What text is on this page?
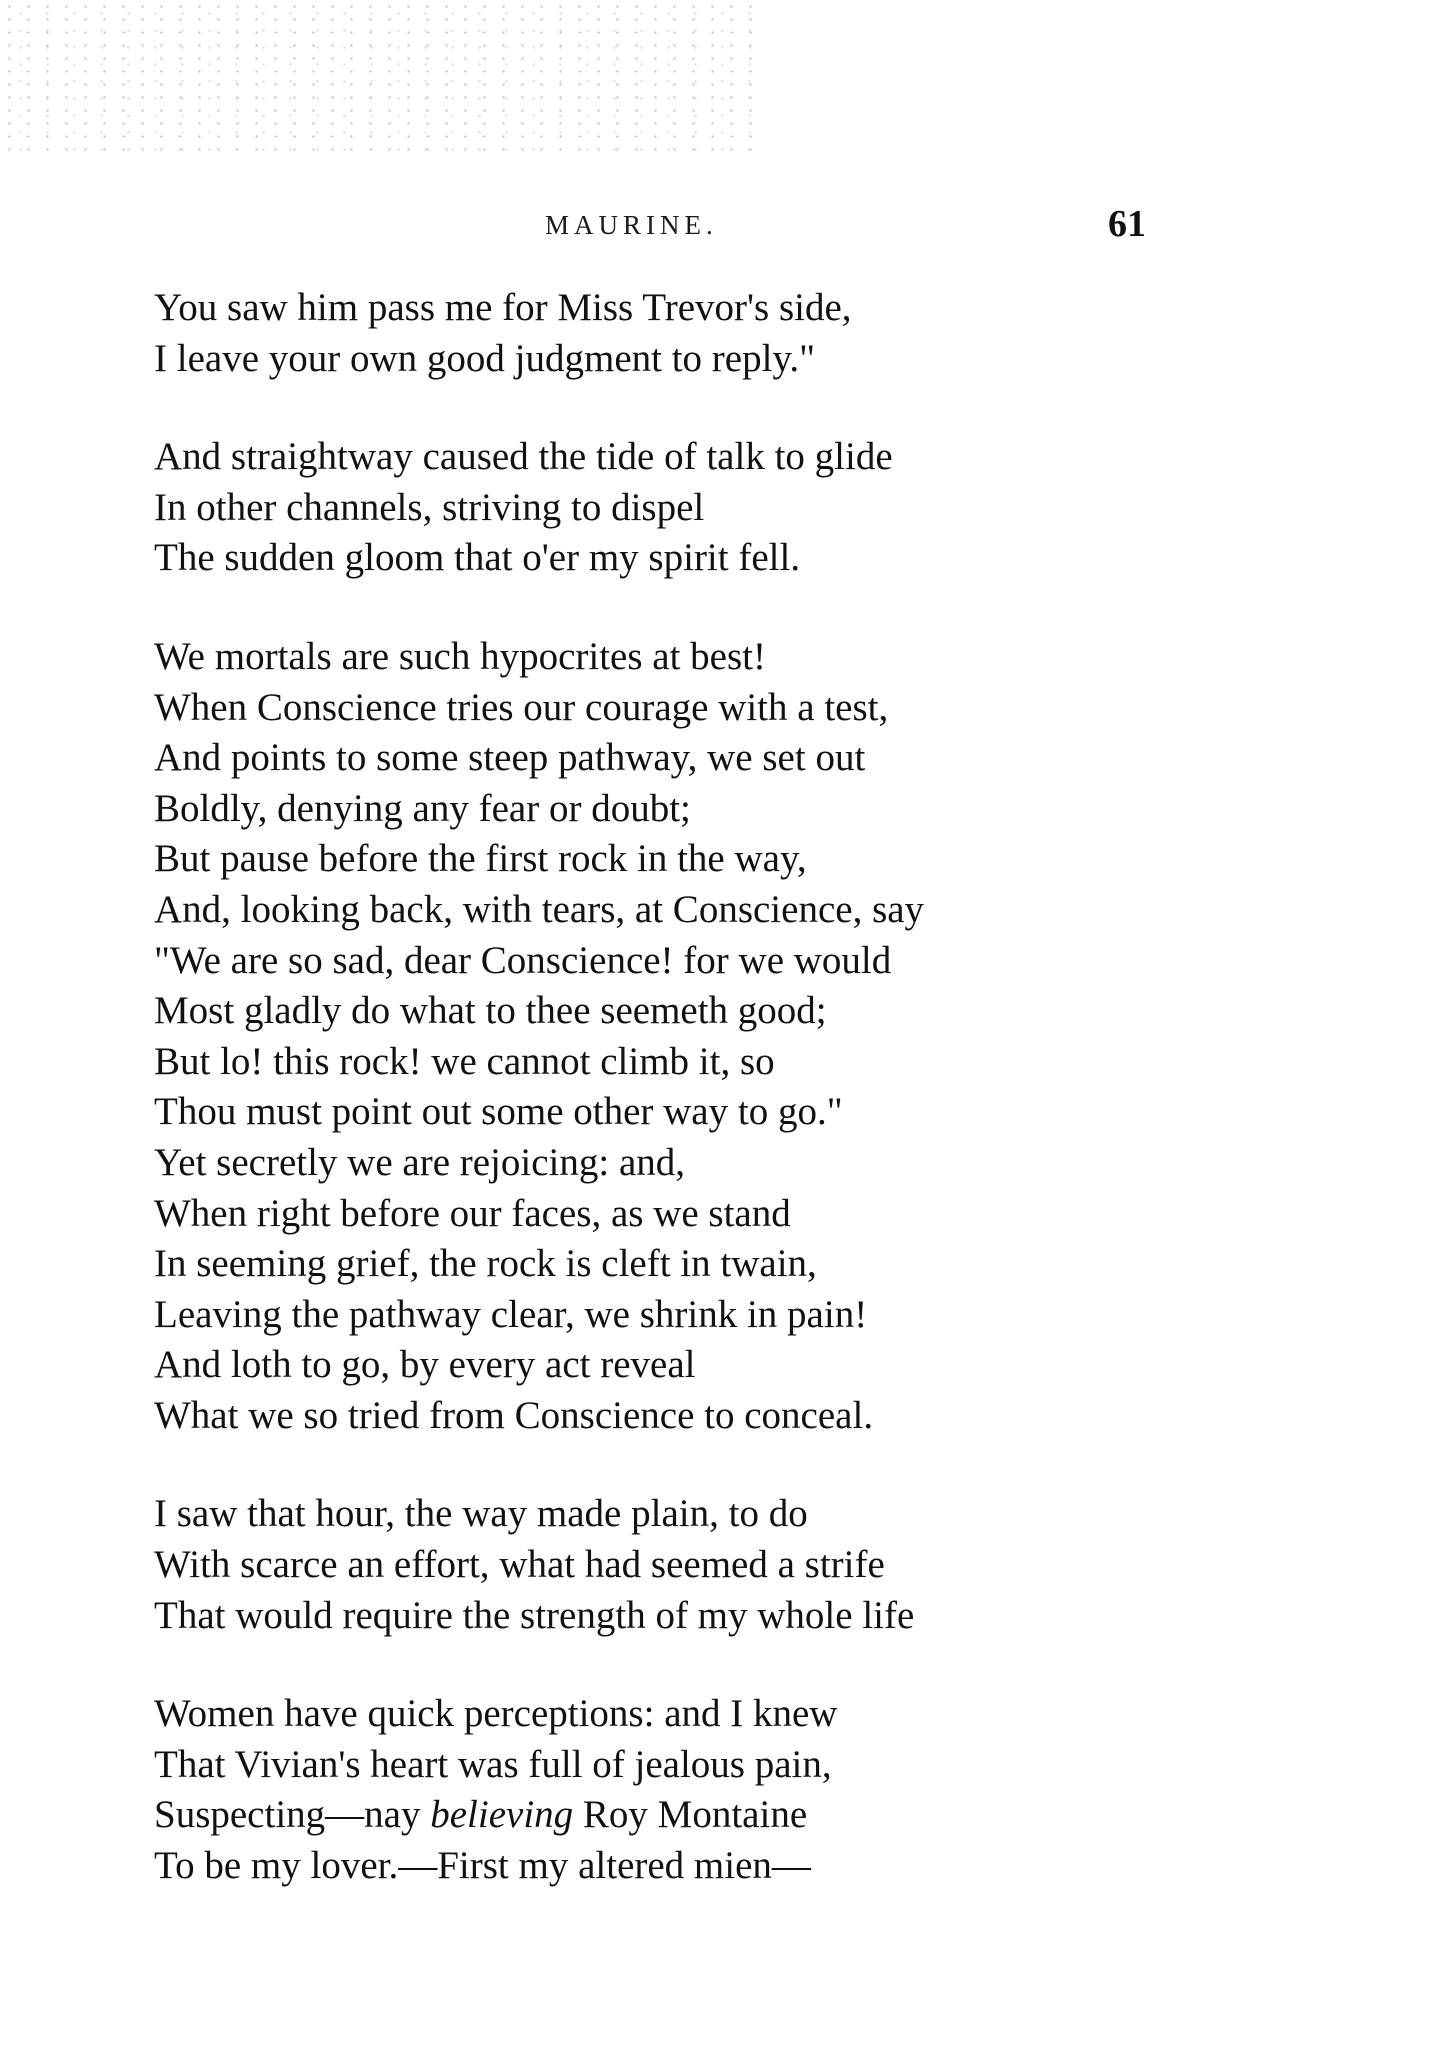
MAURINE.	61
You saw him pass me for Miss Trevor's side,
I leave your own good judgment to reply."
And straightway caused the tide of talk to glide
In other channels, striving to dispel
The sudden gloom that o'er my spirit fell.
We mortals are such hypocrites at best!
When Conscience tries our courage with a test,
And points to some steep pathway, we set out
Boldly, denying any fear or doubt;
But pause before the first rock in the way,
And, looking back, with tears, at Conscience, say
"We are so sad, dear Conscience! for we would
Most gladly do what to thee seemeth good;
But lo! this rock! we cannot climb it, so
Thou must point out some other way to go."
Yet secretly we are rejoicing: and,
When right before our faces, as we stand
In seeming grief, the rock is cleft in twain,
Leaving the pathway clear, we shrink in pain!
And loth to go, by every act reveal
What we so tried from Conscience to conceal.
I saw that hour, the way made plain, to do
With scarce an effort, what had seemed a strife
That would require the strength of my whole life
Women have quick perceptions: and I knew
That Vivian's heart was full of jealous pain,
Suspecting—nay believing Roy Montaine
To be my lover.—First my altered mien—
